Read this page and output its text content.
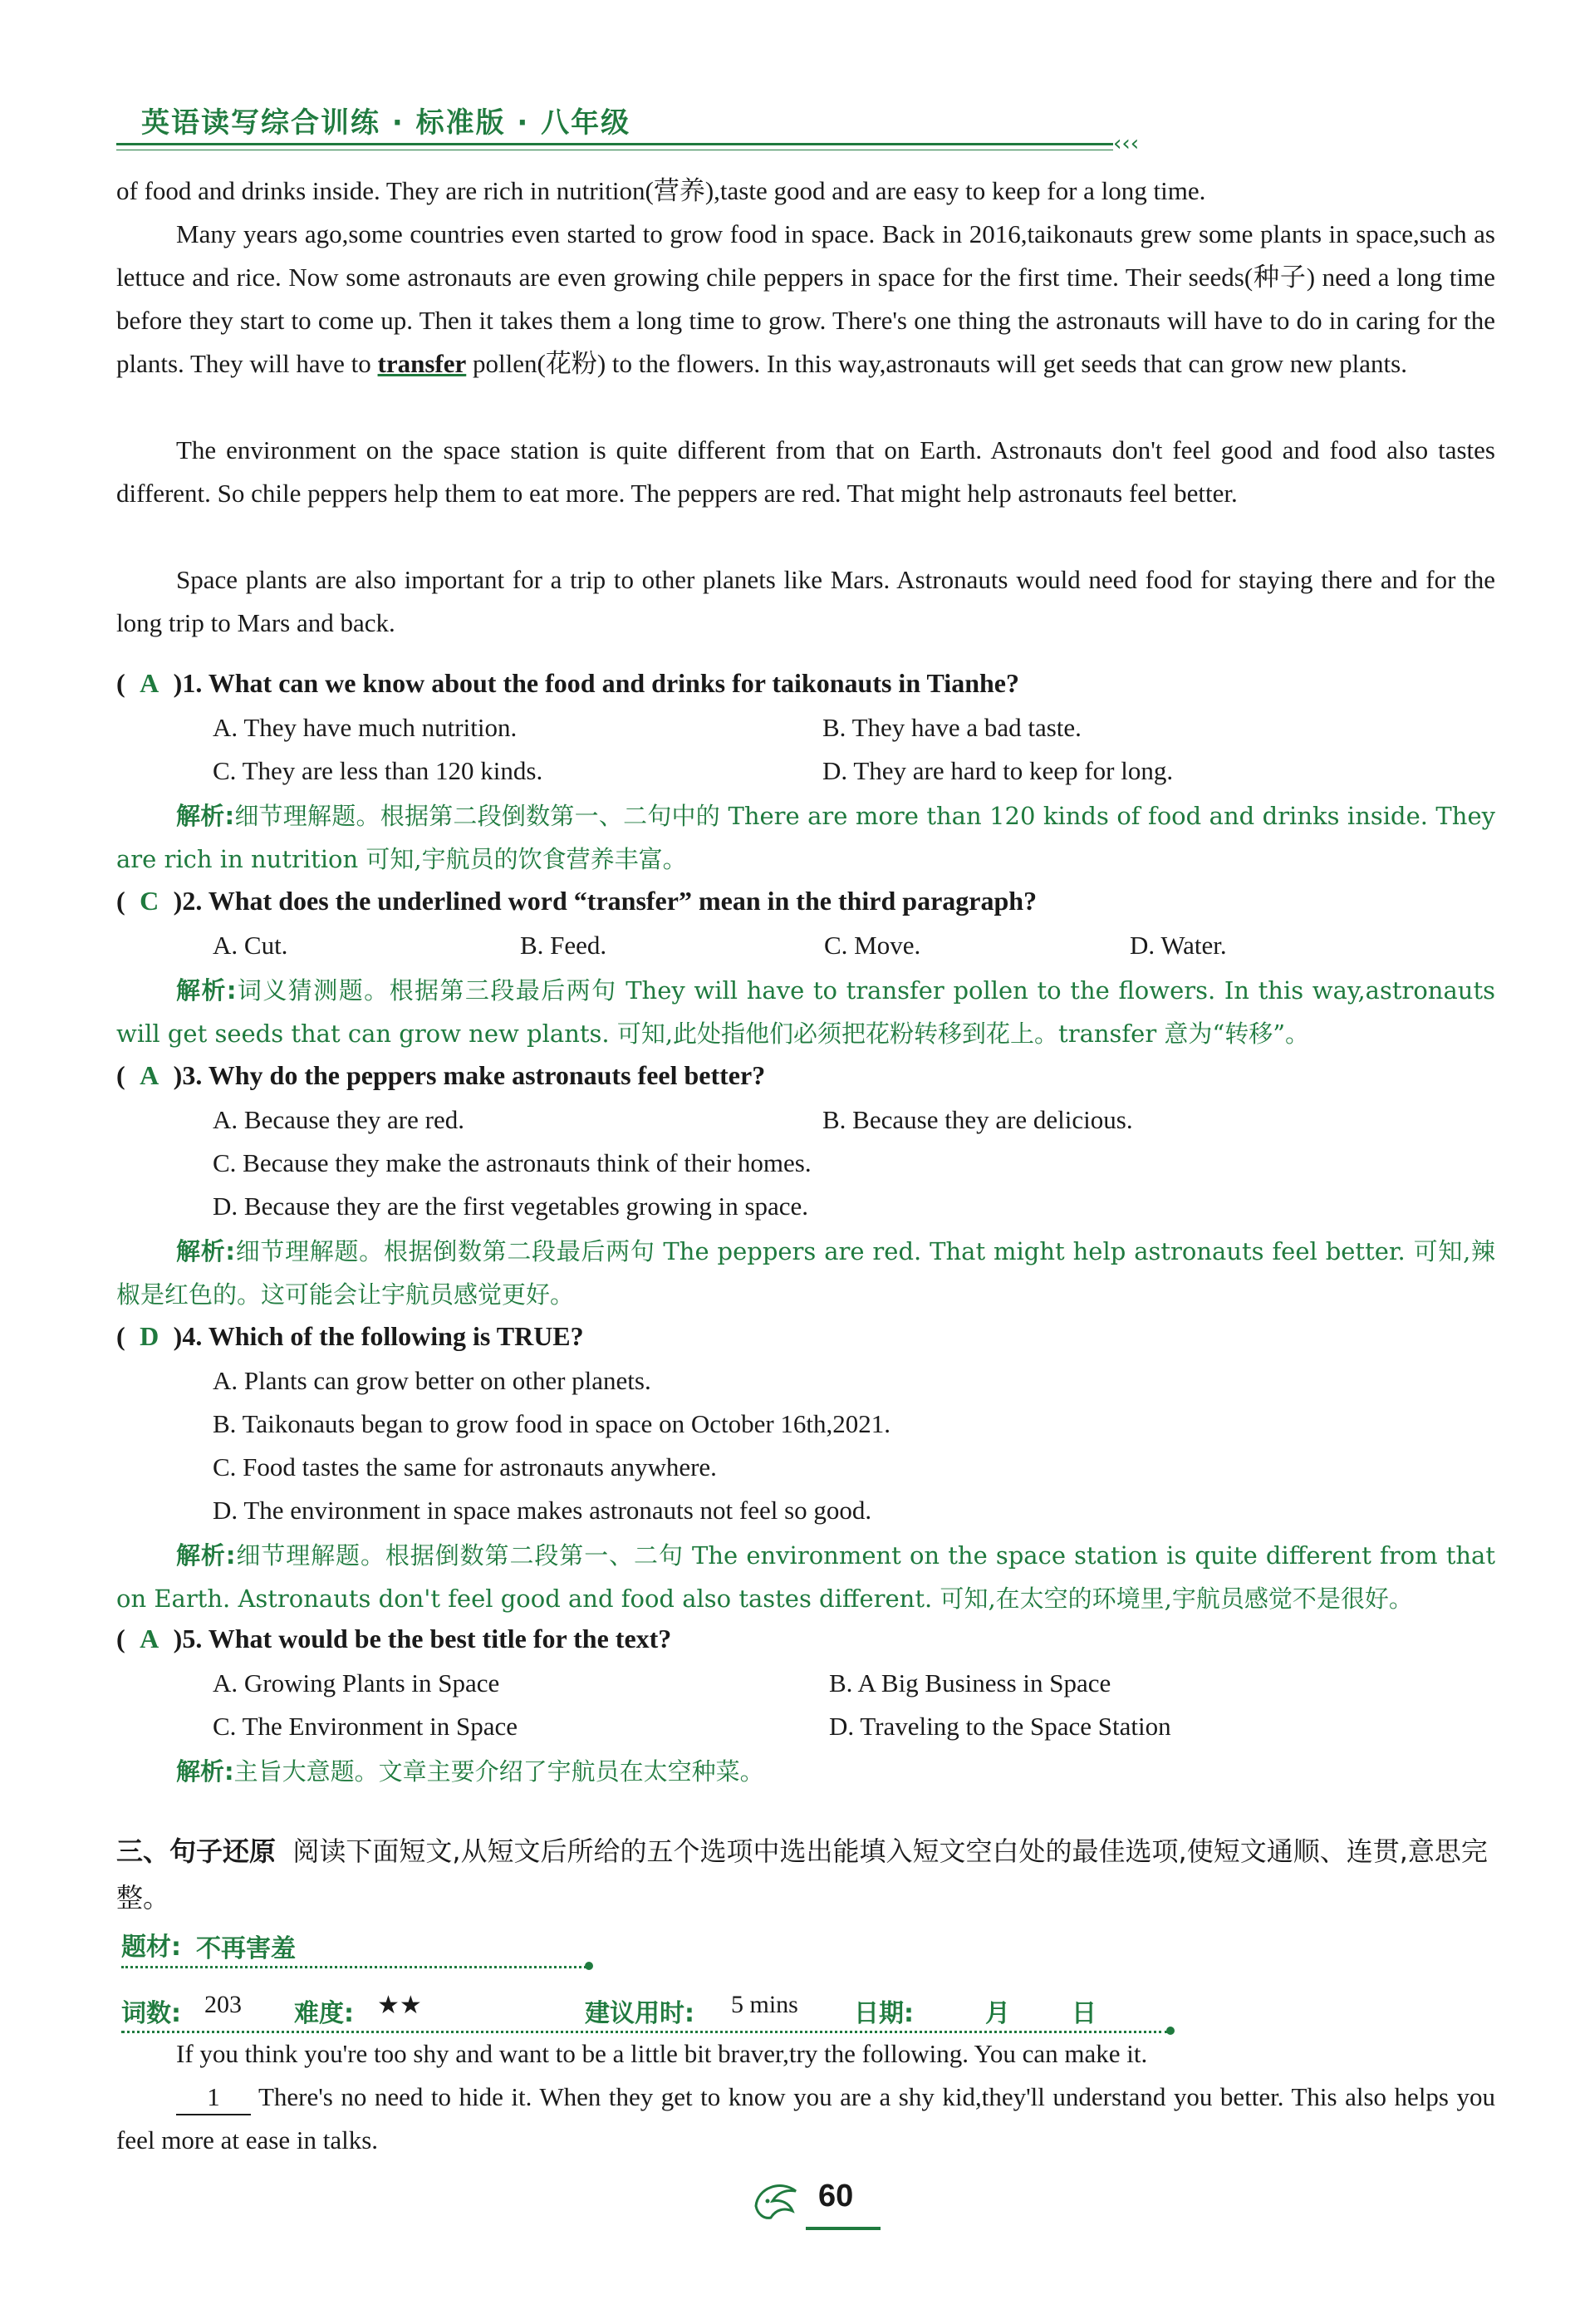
英语读写综合训练 · 标准版 · 八年级
‹‹‹
of food and drinks inside. They are rich in nutrition(营养),taste good and are easy to keep for a long time.
Many years ago,some countries even started to grow food in space. Back in 2016,taikonauts grew some plants in space,such as lettuce and rice. Now some astronauts are even growing chile peppers in space for the first time. Their seeds(种子) need a long time before they start to come up. Then it takes them a long time to grow. There's one thing the astronauts will have to do in caring for the plants. They will have to transfer pollen(花粉) to the flowers. In this way,astronauts will get seeds that can grow new plants.
The environment on the space station is quite different from that on Earth. Astronauts don't feel good and food also tastes different. So chile peppers help them to eat more. The peppers are red. That might help astronauts feel better.
Space plants are also important for a trip to other planets like Mars. Astronauts would need food for staying there and for the long trip to Mars and back.
( A )1. What can we know about the food and drinks for taikonauts in Tianhe?
A. They have much nutrition.	B. They have a bad taste.
C. They are less than 120 kinds.	D. They are hard to keep for long.
解析:细节理解题。根据第二段倒数第一、二句中的 There are more than 120 kinds of food and drinks inside. They are rich in nutrition 可知,宇航员的饮食营养丰富。
( C )2. What does the underlined word “transfer” mean in the third paragraph?
A. Cut.	B. Feed.	C. Move.	D. Water.
解析:词义猜测题。根据第三段最后两句 They will have to transfer pollen to the flowers. In this way,astronauts will get seeds that can grow new plants. 可知,此处指他们必须把花粉转移到花上。transfer 意为“转移”。
( A )3. Why do the peppers make astronauts feel better?
A. Because they are red.	B. Because they are delicious.
C. Because they make the astronauts think of their homes.
D. Because they are the first vegetables growing in space.
解析:细节理解题。根据倒数第二段最后两句 The peppers are red. That might help astronauts feel better. 可知,辣椒是红色的。这可能会让宇航员感觉更好。
( D )4. Which of the following is TRUE?
A. Plants can grow better on other planets.
B. Taikonauts began to grow food in space on October 16th,2021.
C. Food tastes the same for astronauts anywhere.
D. The environment in space makes astronauts not feel so good.
解析:细节理解题。根据倒数第二段第一、二句 The environment on the space station is quite different from that on Earth. Astronauts don't feel good and food also tastes different. 可知,在太空的环境里,宇航员感觉不是很好。
( A )5. What would be the best title for the text?
A. Growing Plants in Space	B. A Big Business in Space
C. The Environment in Space	D. Traveling to the Space Station
解析:主旨大意题。文章主要介绍了宇航员在太空种菜。
三、句子还原 阅读下面短文,从短文后所给的五个选项中选出能填入短文空白处的最佳选项,使短文通顺、连贯,意思完整。
题材: 不再害羞
词数: 203 难度: ★★	建议用时: 5 mins 日期:	月 日
If you think you're too shy and want to be a little bit braver,try the following. You can make it.
1 There's no need to hide it. When they get to know you are a shy kid,they'll understand you better. This also helps you feel more at ease in talks.
60
